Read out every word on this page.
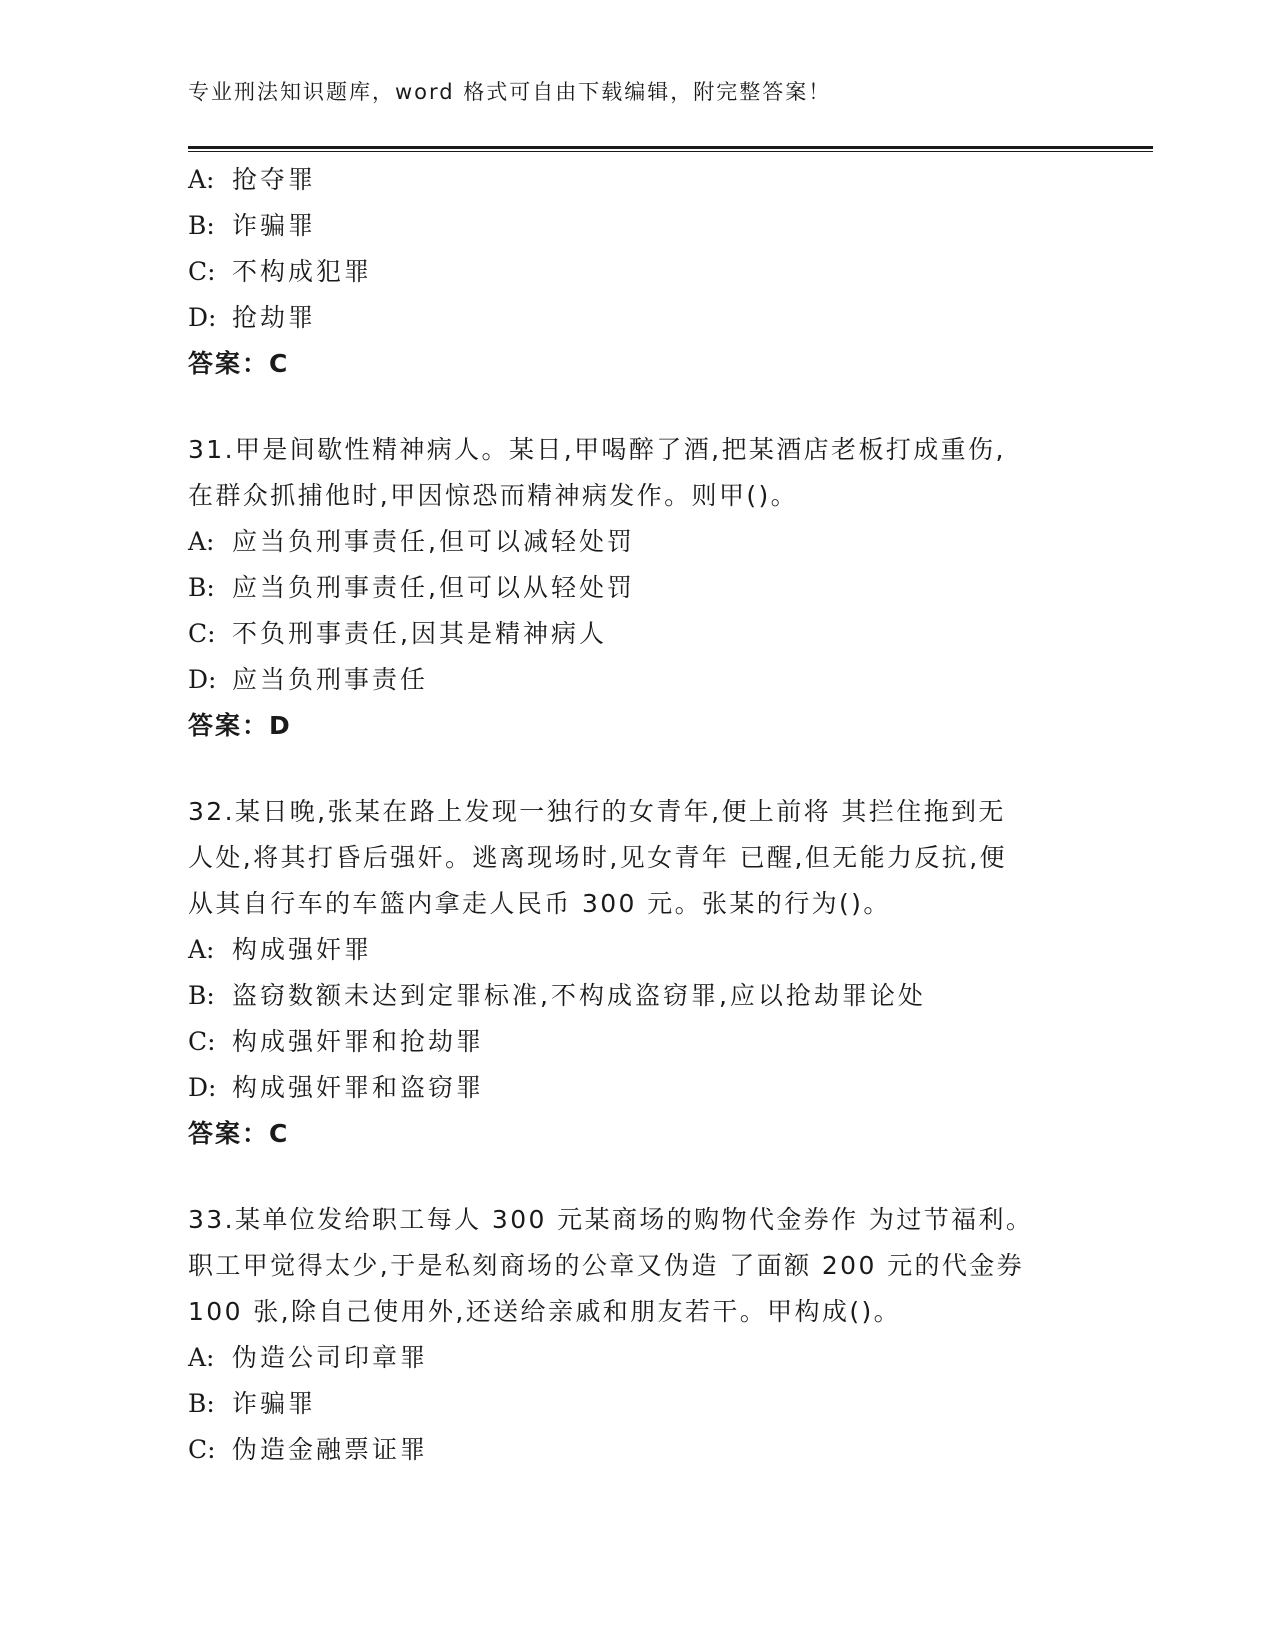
专业刑法知识题库，word 格式可自由下载编辑，附完整答案！
A: 抢夺罪
B: 诈骗罪
C: 不构成犯罪
D: 抢劫罪
答案：C
31.甲是间歇性精神病人。某日,甲喝醉了酒,把某酒店老板打成重伤,
在群众抓捕他时,甲因惊恐而精神病发作。则甲()。
A: 应当负刑事责任,但可以减轻处罚
B: 应当负刑事责任,但可以从轻处罚
C: 不负刑事责任,因其是精神病人
D: 应当负刑事责任
答案：D
32.某日晚,张某在路上发现一独行的女青年,便上前将 其拦住拖到无
人处,将其打昏后强奸。逃离现场时,见女青年 已醒,但无能力反抗,便
从其自行车的车篮内拿走人民币 300 元。张某的行为()。
A: 构成强奸罪
B: 盗窃数额未达到定罪标准,不构成盗窃罪,应以抢劫罪论处
C: 构成强奸罪和抢劫罪
D: 构成强奸罪和盗窃罪
答案：C
33.某单位发给职工每人 300 元某商场的购物代金券作 为过节福利。
职工甲觉得太少,于是私刻商场的公章又伪造 了面额 200 元的代金券
100 张,除自己使用外,还送给亲戚和朋友若干。甲构成()。
A: 伪造公司印章罪
B: 诈骗罪
C: 伪造金融票证罪
